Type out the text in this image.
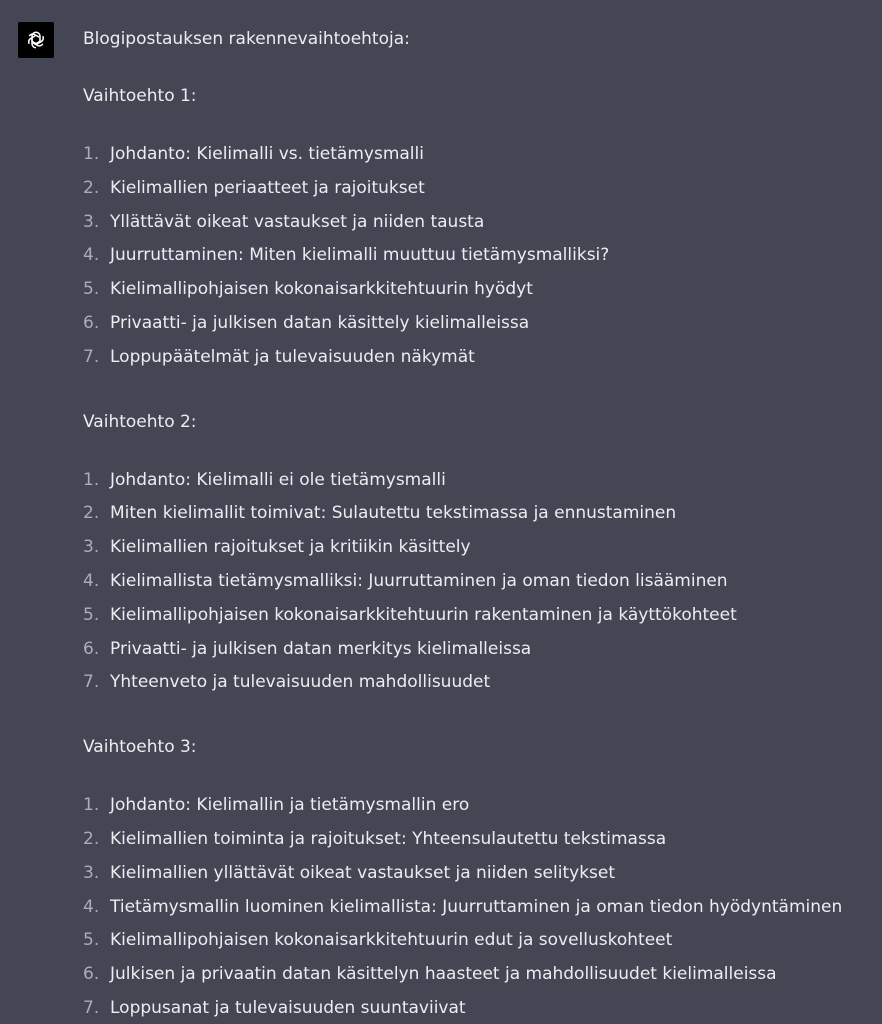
Blogipostauksen rakennevaihtoehtoja:

Vaihtoehto 1:
1. Johdanto: Kielimalli vs. tietämysmalli
2. Kielimallien periaatteet ja rajoitukset
3. Yllättävät oikeat vastaukset ja niiden tausta
4. Juurruttaminen: Miten kielimalli muuttuu tietämysmalliksi?
5. Kielimallipohjaisen kokonaisarkkitehtuurin hyödyt
6. Privaatti- ja julkisen datan käsittely kielimalleissa
7. Loppupäätelmät ja tulevaisuuden näkymät
Vaihtoehto 2:
1. Johdanto: Kielimalli ei ole tietämysmalli
2. Miten kielimallit toimivat: Sulautettu tekstimassa ja ennustaminen
3. Kielimallien rajoitukset ja kritiikin käsittely
4. Kielimallista tietämysmalliksi: Juurruttaminen ja oman tiedon lisääminen
5. Kielimallipohjaisen kokonaisarkkitehtuurin rakentaminen ja käyttökohteet
6. Privaatti- ja julkisen datan merkitys kielimalleissa
7. Yhteenveto ja tulevaisuuden mahdollisuudet
Vaihtoehto 3:
1. Johdanto: Kielimallin ja tietämysmallin ero
2. Kielimallien toiminta ja rajoitukset: Yhteensulautettu tekstimassa
3. Kielimallien yllättävät oikeat vastaukset ja niiden selitykset
4. Tietämysmallin luominen kielimallista: Juurruttaminen ja oman tiedon hyödyntäminen
5. Kielimallipohjaisen kokonaisarkkitehtuurin edut ja sovelluskohteet
6. Julkisen ja privaatin datan käsittelyn haasteet ja mahdollisuudet kielimalleissa
7. Loppusanat ja tulevaisuuden suuntaviivat
